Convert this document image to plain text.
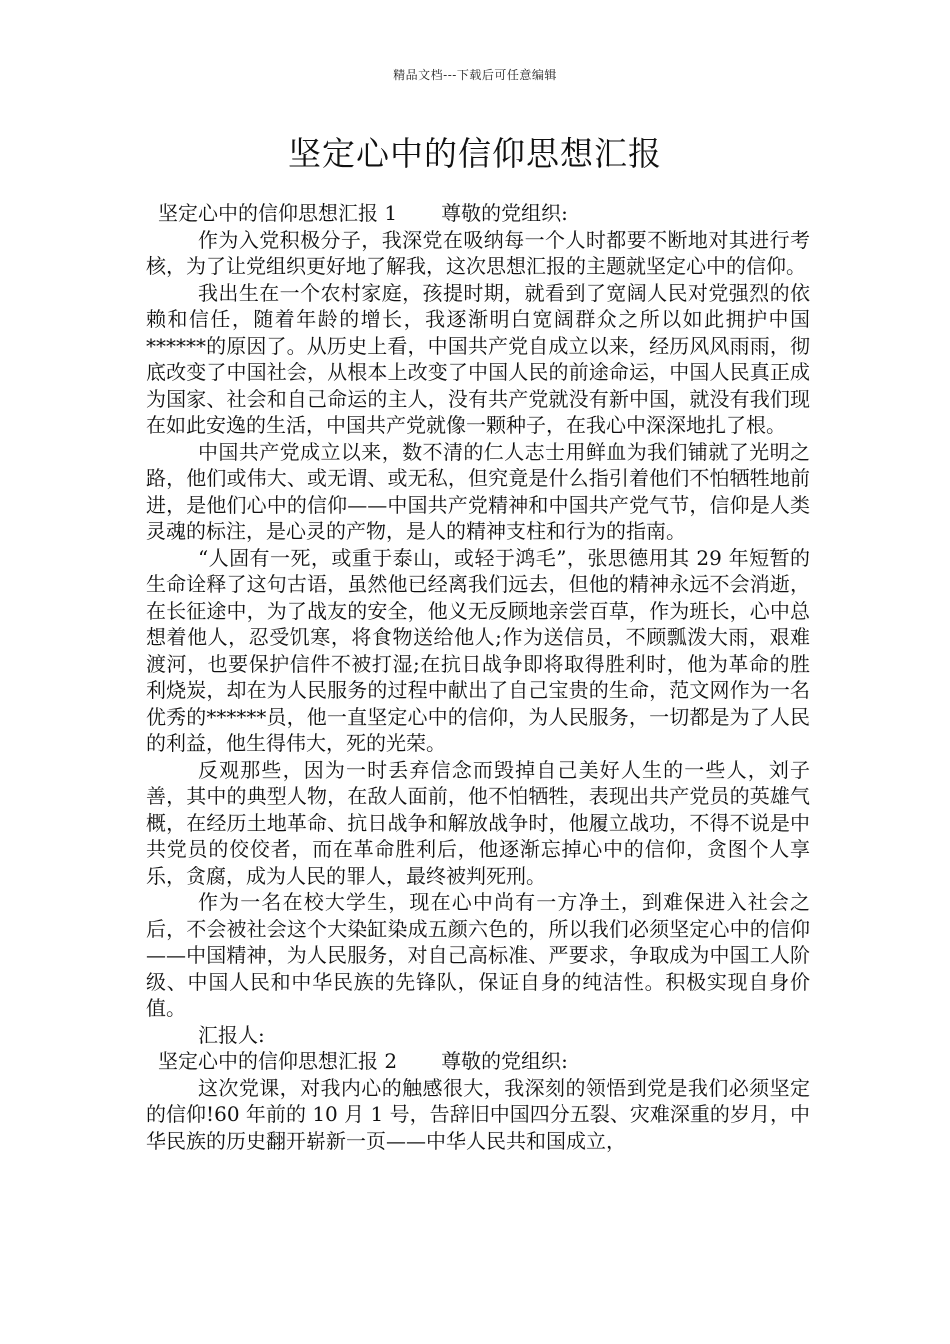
精品文档---下载后可任意编辑
坚定心中的信仰思想汇报

坚定心中的信仰思想汇报 1 尊敬的党组织:

作为入党积极分子，我深党在吸纳每一个人时都要不断地对其进行考核，为了让党组织更好地了解我，这次思想汇报的主题就坚定心中的信仰。

我出生在一个农村家庭，孩提时期，就看到了宽阔人民对党强烈的依赖和信任，随着年龄的增长，我逐渐明白宽阔群众之所以如此拥护中国******的原因了。从历史上看，中国共产党自成立以来，经历风风雨雨，彻底改变了中国社会，从根本上改变了中国人民的前途命运，中国人民真正成为国家、社会和自己命运的主人，没有共产党就没有新中国，就没有我们现在如此安逸的生活，中国共产党就像一颗种子，在我心中深深地扎了根。

中国共产党成立以来，数不清的仁人志士用鲜血为我们铺就了光明之路，他们或伟大、或无谓、或无私，但究竟是什么指引着他们不怕牺牲地前进，是他们心中的信仰——中国共产党精神和中国共产党气节，信仰是人类灵魂的标注，是心灵的产物，是人的精神支柱和行为的指南。

“人固有一死，或重于泰山，或轻于鸿毛”，张思德用其 29 年短暂的生命诠释了这句古语，虽然他已经离我们远去，但他的精神永远不会消逝，在长征途中，为了战友的安全，他义无反顾地亲尝百草，作为班长，心中总想着他人，忍受饥寒，将食物送给他人;作为送信员，不顾瓢泼大雨，艰难渡河，也要保护信件不被打湿;在抗日战争即将取得胜利时，他为革命的胜利烧炭，却在为人民服务的过程中献出了自己宝贵的生命，范文网作为一名优秀的******员，他一直坚定心中的信仰，为人民服务，一切都是为了人民的利益，他生得伟大，死的光荣。

反观那些，因为一时丢弃信念而毁掉自己美好人生的一些人，刘子善，其中的典型人物，在敌人面前，他不怕牺牲，表现出共产党员的英雄气概，在经历土地革命、抗日战争和解放战争时，他履立战功，不得不说是中共党员的佼佼者，而在革命胜利后，他逐渐忘掉心中的信仰，贪图个人享乐，贪腐，成为人民的罪人，最终被判死刑。

作为一名在校大学生，现在心中尚有一方净土，到难保进入社会之后，不会被社会这个大染缸染成五颜六色的，所以我们必须坚定心中的信仰——中国精神，为人民服务，对自己高标准、严要求，争取成为中国工人阶级、中国人民和中华民族的先锋队，保证自身的纯洁性。积极实现自身价值。

汇报人:

坚定心中的信仰思想汇报 2 尊敬的党组织:

这次党课，对我内心的触感很大，我深刻的领悟到党是我们必须坚定的信仰!60 年前的 10 月 1 号，告辞旧中国四分五裂、灾难深重的岁月，中华民族的历史翻开崭新一页——中华人民共和国成立，
